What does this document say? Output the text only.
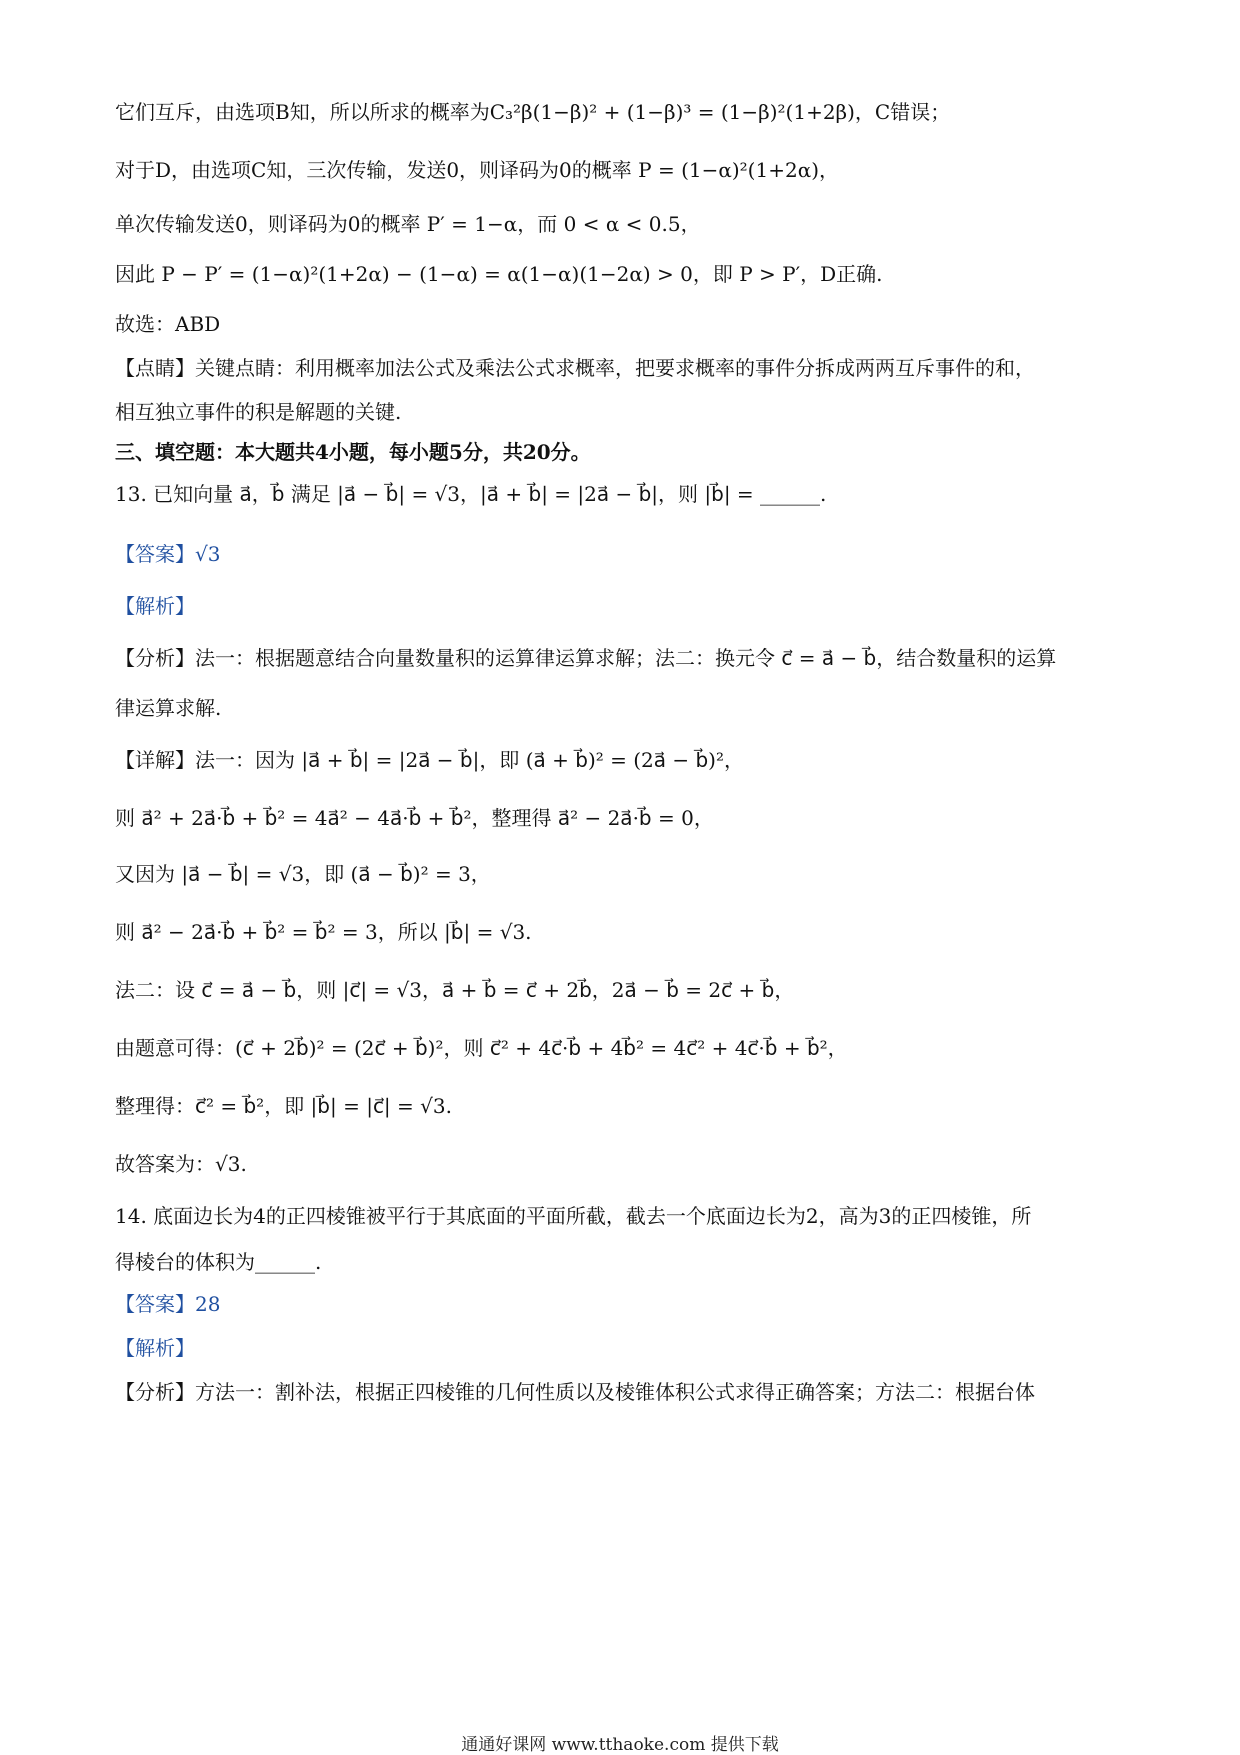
它们互斥，由选项B知，所以所求的概率为C₃²β(1−β)² + (1−β)³ = (1−β)²(1+2β)，C错误；
对于D，由选项C知，三次传输，发送0，则译码为0的概率 P = (1−α)²(1+2α)，
单次传输发送0，则译码为0的概率 P′ = 1−α，而 0 < α < 0.5，
因此 P − P′ = (1−α)²(1+2α) − (1−α) = α(1−α)(1−2α) > 0，即 P > P′，D正确.
故选：ABD
【点睛】关键点睛：利用概率加法公式及乘法公式求概率，把要求概率的事件分拆成两两互斥事件的和，
相互独立事件的积是解题的关键.
三、填空题：本大题共4小题，每小题5分，共20分。
13. 已知向量 a⃗，b⃗ 满足 |a⃗ − b⃗| = √3，|a⃗ + b⃗| = |2a⃗ − b⃗|，则 |b⃗| = ______.
【答案】√3
【解析】
【分析】法一：根据题意结合向量数量积的运算律运算求解；法二：换元令 c⃗ = a⃗ − b⃗，结合数量积的运算
律运算求解.
【详解】法一：因为 |a⃗ + b⃗| = |2a⃗ − b⃗|，即 (a⃗ + b⃗)² = (2a⃗ − b⃗)²，
则 a⃗² + 2a⃗·b⃗ + b⃗² = 4a⃗² − 4a⃗·b⃗ + b⃗²，整理得 a⃗² − 2a⃗·b⃗ = 0，
又因为 |a⃗ − b⃗| = √3，即 (a⃗ − b⃗)² = 3，
则 a⃗² − 2a⃗·b⃗ + b⃗² = b⃗² = 3，所以 |b⃗| = √3.
法二：设 c⃗ = a⃗ − b⃗，则 |c⃗| = √3，a⃗ + b⃗ = c⃗ + 2b⃗，2a⃗ − b⃗ = 2c⃗ + b⃗，
由题意可得：(c⃗ + 2b⃗)² = (2c⃗ + b⃗)²，则 c⃗² + 4c⃗·b⃗ + 4b⃗² = 4c⃗² + 4c⃗·b⃗ + b⃗²，
整理得：c⃗² = b⃗²，即 |b⃗| = |c⃗| = √3.
故答案为：√3.
14. 底面边长为4的正四棱锥被平行于其底面的平面所截，截去一个底面边长为2，高为3的正四棱锥，所
得棱台的体积为______.
【答案】28
【解析】
【分析】方法一：割补法，根据正四棱锥的几何性质以及棱锥体积公式求得正确答案；方法二：根据台体
通通好课网 www.tthaoke.com 提供下载
